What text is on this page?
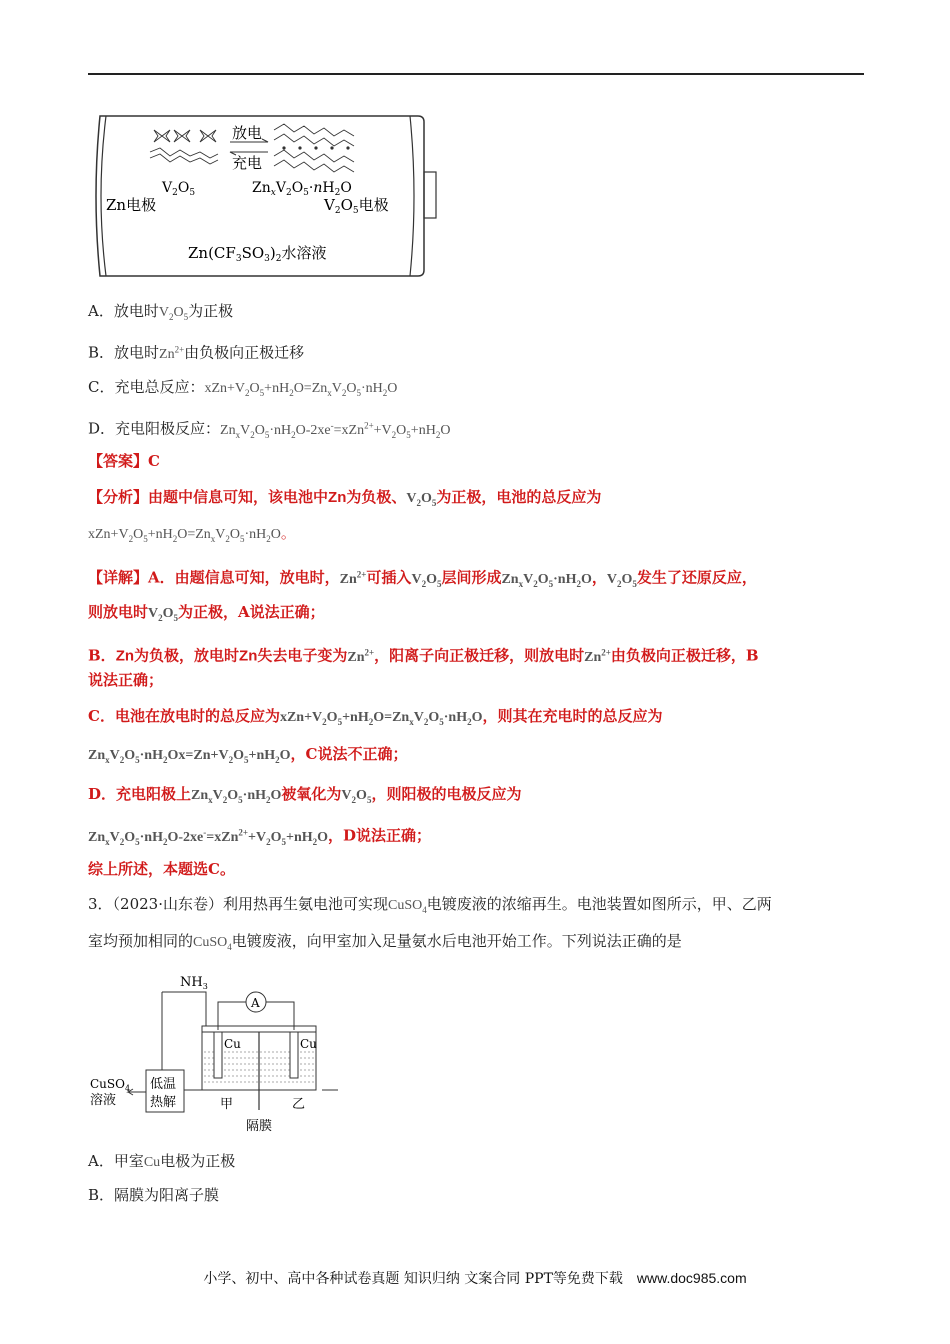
放电
充电
$V_2O_5$	$Zn_xV_2O_5\cdot nH_2O$
Zn电极	$V_2O_5$电极
$Zn(CF_3SO_3)_2$水溶液
A．放电时$V_2O_5$为正极
B．放电时$Zn^{2+}$由负极向正极迁移
C．充电总反应：$xZn+V_2O_5+nH_2O=Zn_xV_2O_5\cdot nH_2O$
D．充电阳极反应：$Zn_xV_2O_5\cdot nH_2O-2xe^-=xZn^{2+}+V_2O_5+nH_2O$
【答案】C
【分析】由题中信息可知，该电池中Zn为负极、$V_2O_5$为正极，电池的总反应为
$xZn+V_2O_5+nH_2O=Zn_xV_2O_5\cdot nH_2O$。
【详解】A．由题信息可知，放电时，$Zn^{2+}$可插入$V_2O_5$层间形成$Zn_xV_2O_5\cdot nH_2O$，$V_2O_5$发生了还原反应，
则放电时$V_2O_5$为正极，A说法正确；
B．Zn为负极，放电时Zn失去电子变为$Zn^{2+}$，阳离子向正极迁移，则放电时$Zn^{2+}$由负极向正极迁移，B
说法正确；
C．电池在放电时的总反应为$xZn+V_2O_5+nH_2O=Zn_xV_2O_5\cdot nH_2O$，则其在充电时的总反应为
$Zn_xV_2O_5\cdot nH_2Ox=Zn+V_2O_5+nH_2O$，C说法不正确；
D．充电阳极上$Zn_xV_2O_5\cdot nH_2O$被氧化为$V_2O_5$，则阳极的电极反应为
$Zn_xV_2O_5\cdot nH_2O-2xe^-=xZn^{2+}+V_2O_5+nH_2O$，D说法正确；
综上所述，本题选C。
3．（2023·山东卷）利用热再生氨电池可实现CuSO$_4$电镀废液的浓缩再生。电池装置如图所示，甲、乙两
室均预加相同的CuSO$_4$电镀废液，向甲室加入足量氨水后电池开始工作。下列说法正确的是
$NH_3$
A
Cu	Cu
低温
热解
CuSO$_4$
溶液	甲	乙
隔膜
A．甲室Cu电极为正极
B．隔膜为阳离子膜
小学、初中、高中各种试卷真题 知识归纳 文案合同 PPT等免费下载 www.doc985.com
